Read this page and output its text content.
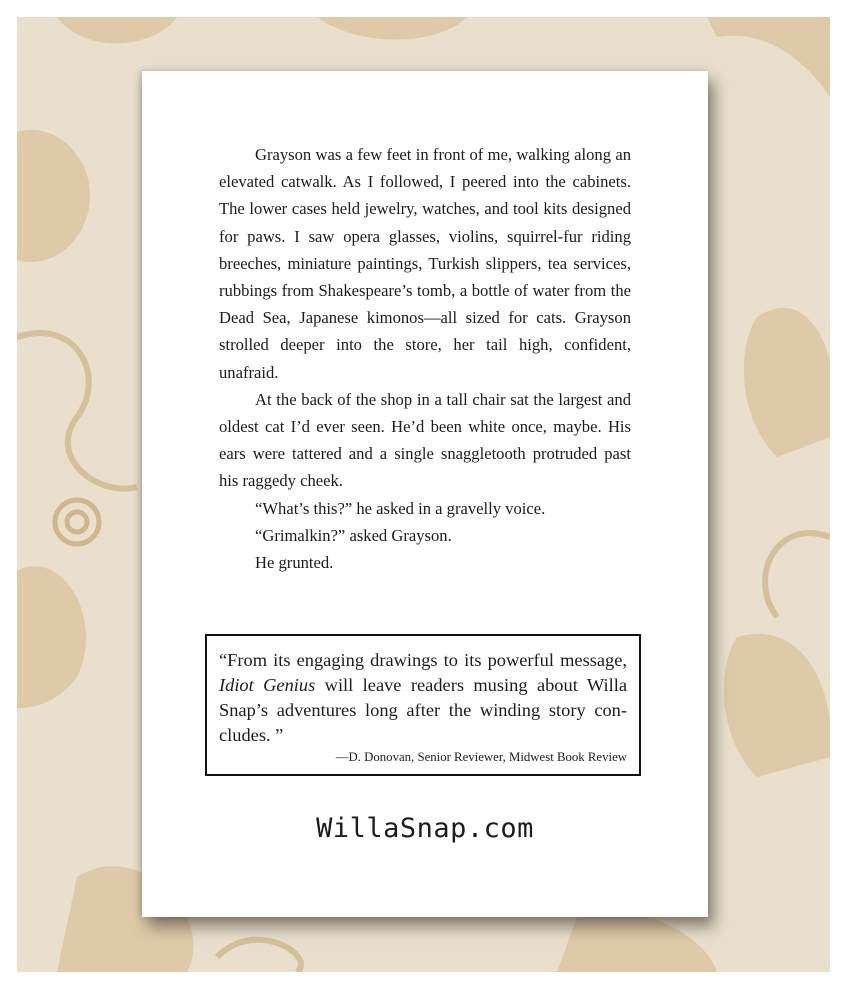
Grayson was a few feet in front of me, walking along an elevated catwalk. As I followed, I peered into the cabinets. The lower cases held jewelry, watches, and tool kits designed for paws. I saw opera glasses, violins, squirrel-fur riding breeches, miniature paintings, Turkish slippers, tea services, rubbings from Shakespeare’s tomb, a bottle of water from the Dead Sea, Japanese kimonos—all sized for cats. Grayson strolled deeper into the store, her tail high, confident, unafraid.

At the back of the shop in a tall chair sat the largest and oldest cat I’d ever seen. He’d been white once, maybe. His ears were tattered and a single snaggletooth protruded past his raggedy cheek.

“What’s this?” he asked in a gravelly voice.

“Grimalkin?” asked Grayson.

He grunted.

“From its engaging drawings to its powerful message, Idiot Genius will leave readers musing about Willa Snap’s adventures long after the winding story concludes. ”

—D. Donovan, Senior Reviewer, Midwest Book Review
WillaSnap.com
